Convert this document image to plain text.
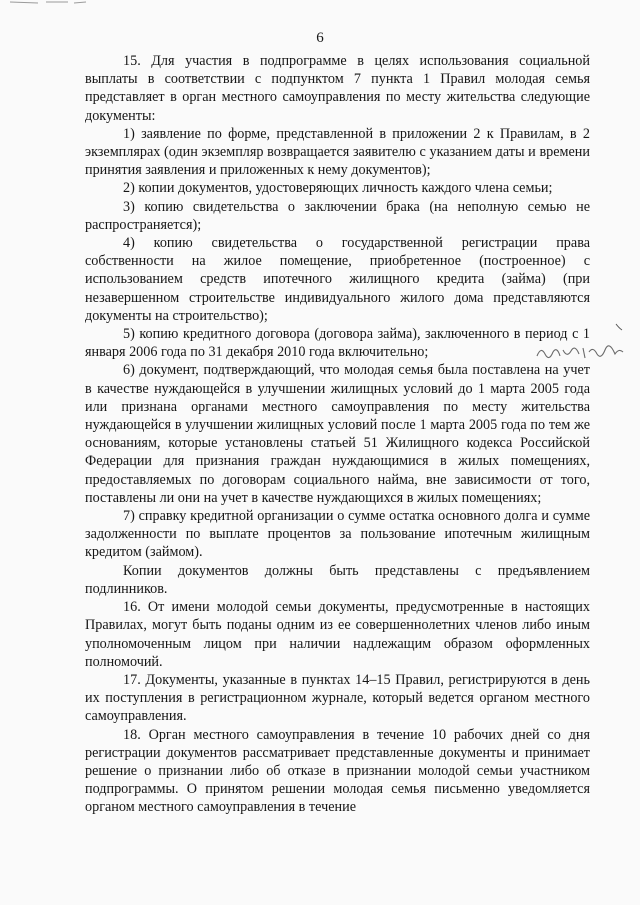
6

15. Для участия в подпрограмме в целях использования социальной выплаты в соответствии с подпунктом 7 пункта 1 Правил молодая семья представляет в орган местного самоуправления по месту жительства следующие документы:

1) заявление по форме, представленной в приложении 2 к Правилам, в 2 экземплярах (один экземпляр возвращается заявителю с указанием даты и времени принятия заявления и приложенных к нему документов);

2) копии документов, удостоверяющих личность каждого члена семьи;

3) копию свидетельства о заключении брака (на неполную семью не распространяется);

4) копию свидетельства о государственной регистрации права собственности на жилое помещение, приобретенное (построенное) с использованием средств ипотечного жилищного кредита (займа) (при незавершенном строительстве индивидуального жилого дома представляются документы на строительство);

5) копию кредитного договора (договора займа), заключенного в период с 1 января 2006 года по 31 декабря 2010 года включительно;

6) документ, подтверждающий, что молодая семья была поставлена на учет в качестве нуждающейся в улучшении жилищных условий до 1 марта 2005 года или признана органами местного самоуправления по месту жительства нуждающейся в улучшении жилищных условий после 1 марта 2005 года по тем же основаниям, которые установлены статьей 51 Жилищного кодекса Российской Федерации для признания граждан нуждающимися в жилых помещениях, предоставляемых по договорам социального найма, вне зависимости от того, поставлены ли они на учет в качестве нуждающихся в жилых помещениях;

7) справку кредитной организации о сумме остатка основного долга и сумме задолженности по выплате процентов за пользование ипотечным жилищным кредитом (займом).

Копии документов должны быть представлены с предъявлением подлинников.

16. От имени молодой семьи документы, предусмотренные в настоящих Правилах, могут быть поданы одним из ее совершеннолетних членов либо иным уполномоченным лицом при наличии надлежащим образом оформленных полномочий.

17. Документы, указанные в пунктах 14–15 Правил, регистрируются в день их поступления в регистрационном журнале, который ведется органом местного самоуправления.

18. Орган местного самоуправления в течение 10 рабочих дней со дня регистрации документов рассматривает представленные документы и принимает решение о признании либо об отказе в признании молодой семьи участником подпрограммы. О принятом решении молодая семья письменно уведомляется органом местного самоуправления в течение
